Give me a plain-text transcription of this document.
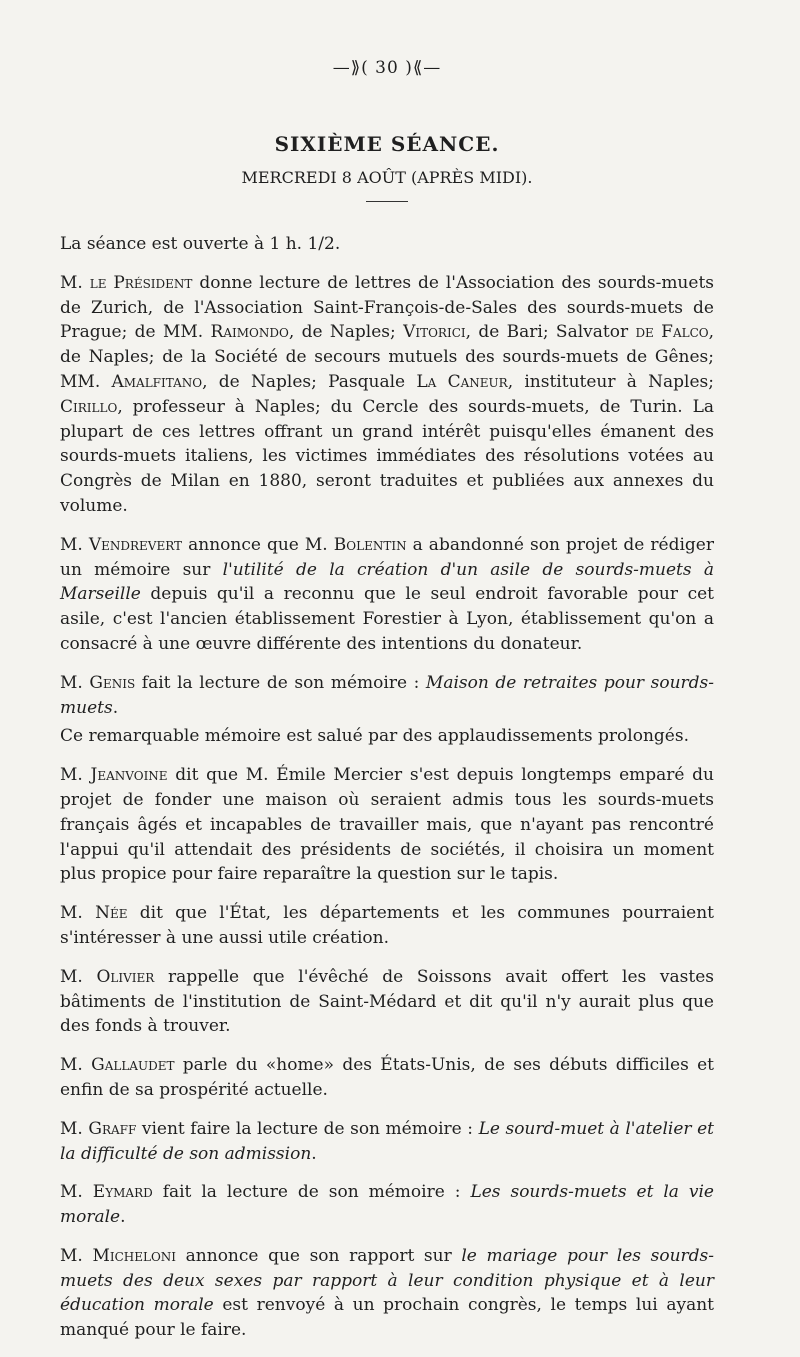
—⟫( 30 )⟪—
SIXIÈME SÉANCE.
MERCREDI 8 AOÛT (APRÈS MIDI).

La séance est ouverte à 1 h. 1/2.

M. le Président donne lecture de lettres de l'Association des sourds-muets de Zurich, de l'Association Saint-François-de-Sales des sourds-muets de Prague; de MM. Raimondo, de Naples; Vitorici, de Bari; Salvator de Falco, de Naples; de la Société de secours mutuels des sourds-muets de Gênes; MM. Amalfitano, de Naples; Pasquale La Caneur, instituteur à Naples; Cirillo, professeur à Naples; du Cercle des sourds-muets, de Turin. La plupart de ces lettres offrant un grand intérêt puisqu'elles émanent des sourds-muets italiens, les victimes immédiates des résolutions votées au Congrès de Milan en 1880, seront traduites et publiées aux annexes du volume.

M. Vendrevert annonce que M. Bolentin a abandonné son projet de rédiger un mémoire sur l'utilité de la création d'un asile de sourds-muets à Marseille depuis qu'il a reconnu que le seul endroit favorable pour cet asile, c'est l'ancien établissement Forestier à Lyon, établissement qu'on a consacré à une œuvre différente des intentions du donateur.

M. Genis fait la lecture de son mémoire : Maison de retraites pour sourds-muets.

Ce remarquable mémoire est salué par des applaudissements prolongés.

M. Jeanvoine dit que M. Émile Mercier s'est depuis longtemps emparé du projet de fonder une maison où seraient admis tous les sourds-muets français âgés et incapables de travailler mais, que n'ayant pas rencontré l'appui qu'il attendait des présidents de sociétés, il choisira un moment plus propice pour faire reparaître la question sur le tapis.

M. Née dit que l'État, les départements et les communes pourraient s'intéresser à une aussi utile création.

M. Olivier rappelle que l'évêché de Soissons avait offert les vastes bâtiments de l'institution de Saint-Médard et dit qu'il n'y aurait plus que des fonds à trouver.

M. Gallaudet parle du «home» des États-Unis, de ses débuts difficiles et enfin de sa prospérité actuelle.

M. Graff vient faire la lecture de son mémoire : Le sourd-muet à l'atelier et la difficulté de son admission.

M. Eymard fait la lecture de son mémoire : Les sourds-muets et la vie morale.

M. Micheloni annonce que son rapport sur le mariage pour les sourds-muets des deux sexes par rapport à leur condition physique et à leur éducation morale est renvoyé à un prochain congrès, le temps lui ayant manqué pour le faire.
